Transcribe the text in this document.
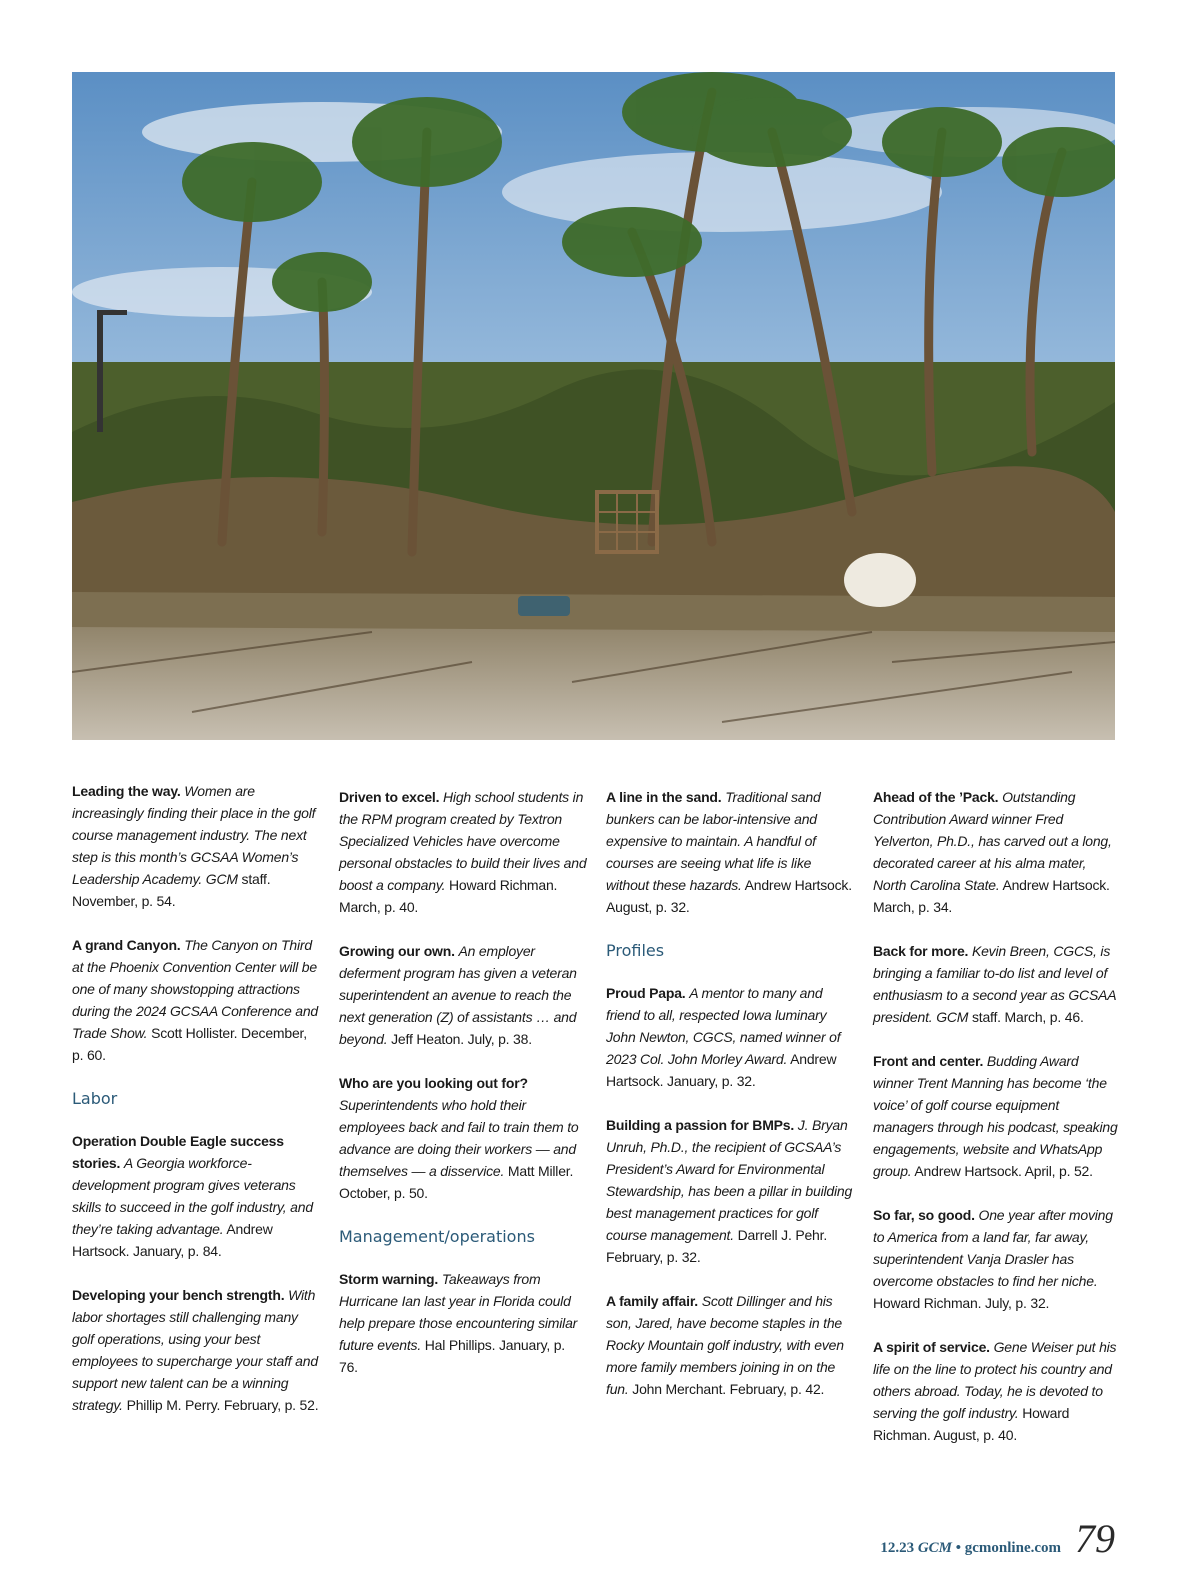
Leading the way. Women are increasingly finding their place in the golf course management industry. The next step is this month’s GCSAA Women’s Leadership Academy. GCM staff. November, p. 54.

A grand Canyon. The Canyon on Third at the Phoenix Convention Center will be one of many showstopping attractions during the 2024 GCSAA Conference and Trade Show. Scott Hollister. December, p. 60.

Labor

Operation Double Eagle success stories. A Georgia workforce-development program gives veterans skills to succeed in the golf industry, and they’re taking advantage. Andrew Hartsock. January, p. 84.

Developing your bench strength. With labor shortages still challenging many golf operations, using your best employees to supercharge your staff and support new talent can be a winning strategy. Phillip M. Perry. February, p. 52.

Driven to excel. High school students in the RPM program created by Textron Specialized Vehicles have overcome personal obstacles to build their lives and boost a company. Howard Richman. March, p. 40.

Growing our own. An employer deferment program has given a veteran superintendent an avenue to reach the next generation (Z) of assistants … and beyond. Jeff Heaton. July, p. 38.

Who are you looking out for? Superintendents who hold their employees back and fail to train them to advance are doing their workers — and themselves — a disservice. Matt Miller. October, p. 50.

Management/operations

Storm warning. Takeaways from Hurricane Ian last year in Florida could help prepare those encountering similar future events. Hal Phillips. January, p. 76.

A line in the sand. Traditional sand bunkers can be labor-intensive and expensive to maintain. A handful of courses are seeing what life is like without these hazards. Andrew Hartsock. August, p. 32.

Profiles

Proud Papa. A mentor to many and friend to all, respected Iowa luminary John Newton, CGCS, named winner of 2023 Col. John Morley Award. Andrew Hartsock. January, p. 32.

Building a passion for BMPs. J. Bryan Unruh, Ph.D., the recipient of GCSAA’s President’s Award for Environmental Stewardship, has been a pillar in building best management practices for golf course management. Darrell J. Pehr. February, p. 32.

A family affair. Scott Dillinger and his son, Jared, have become staples in the Rocky Mountain golf industry, with even more family members joining in on the fun. John Merchant. February, p. 42.

Ahead of the ’Pack. Outstanding Contribution Award winner Fred Yelverton, Ph.D., has carved out a long, decorated career at his alma mater, North Carolina State. Andrew Hartsock. March, p. 34.

Back for more. Kevin Breen, CGCS, is bringing a familiar to-do list and level of enthusiasm to a second year as GCSAA president. GCM staff. March, p. 46.

Front and center. Budding Award winner Trent Manning has become ‘the voice’ of golf course equipment managers through his podcast, speaking engagements, website and WhatsApp group. Andrew Hartsock. April, p. 52.

So far, so good. One year after moving to America from a land far, far away, superintendent Vanja Drasler has overcome obstacles to find her niche. Howard Richman. July, p. 32.

A spirit of service. Gene Weiser put his life on the line to protect his country and others abroad. Today, he is devoted to serving the golf industry. Howard Richman. August, p. 40.

12.23 GCM • gcmonline.com 79
